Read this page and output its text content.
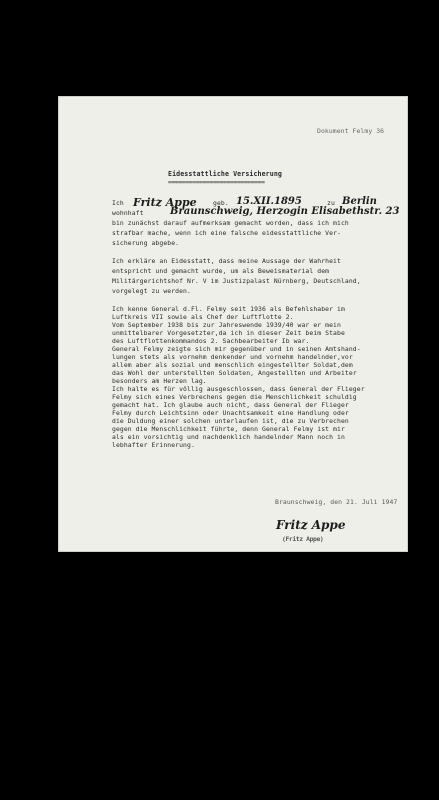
Dokument Felmy 36
Eidesstattliche Versicherung
============================
Ich Fritz Appe	geb. 15.XII.1895	zu Berlin
wohnhaft	Braunschweig, Herzogin Elisabethstr. 23
bin zunächst darauf aufmerksam gemacht worden, dass ich mich
strafbar mache, wenn ich eine falsche eidesstattliche Ver-
sicherung abgebe.
Ich erkläre an Eidesstatt, dass meine Aussage der Wahrheit
entspricht und gemacht wurde, um als Beweismaterial dem
Militärgerichtshof Nr. V im Justizpalast Nürnberg, Deutschland,
vorgelegt zu werden.
Ich kenne General d.Fl. Felmy seit 1936 als Befehlshaber im
Luftkreis VII sowie als Chef der Luftflotte 2.
Vom September 1938 bis zur Jahreswende 1939/40 war er mein
unmittelbarer Vorgesetzter,da ich in dieser Zeit beim Stabe
des Luftflottenkommandos 2. Sachbearbeiter Ib war.
General Felmy zeigte sich mir gegenüber und in seinen Amtshand-
lungen stets als vornehm denkender und vornehm handelnder,vor
allem aber als sozial und menschlich eingestellter Soldat,dem
das Wohl der unterstellten Soldaten, Angestellten und Arbeiter
besonders am Herzen lag.
Ich halte es für völlig ausgeschlossen, dass General der Flieger
Felmy sich eines Verbrechens gegen die Menschlichkeit schuldig
gemacht hat. Ich glaube auch nicht, dass General der Flieger
Felmy durch Leichtsinn oder Unachtsamkeit eine Handlung oder
die Duldung einer solchen unterlaufen ist, die zu Verbrechen
gegen die Menschlichkeit führte, denn General Felmy ist mir
als ein vorsichtig und nachdenklich handelnder Mann noch in
lebhafter Erinnerung.
Braunschweig, den 21. Juli 1947
Fritz Appe
(Fritz Appe)
